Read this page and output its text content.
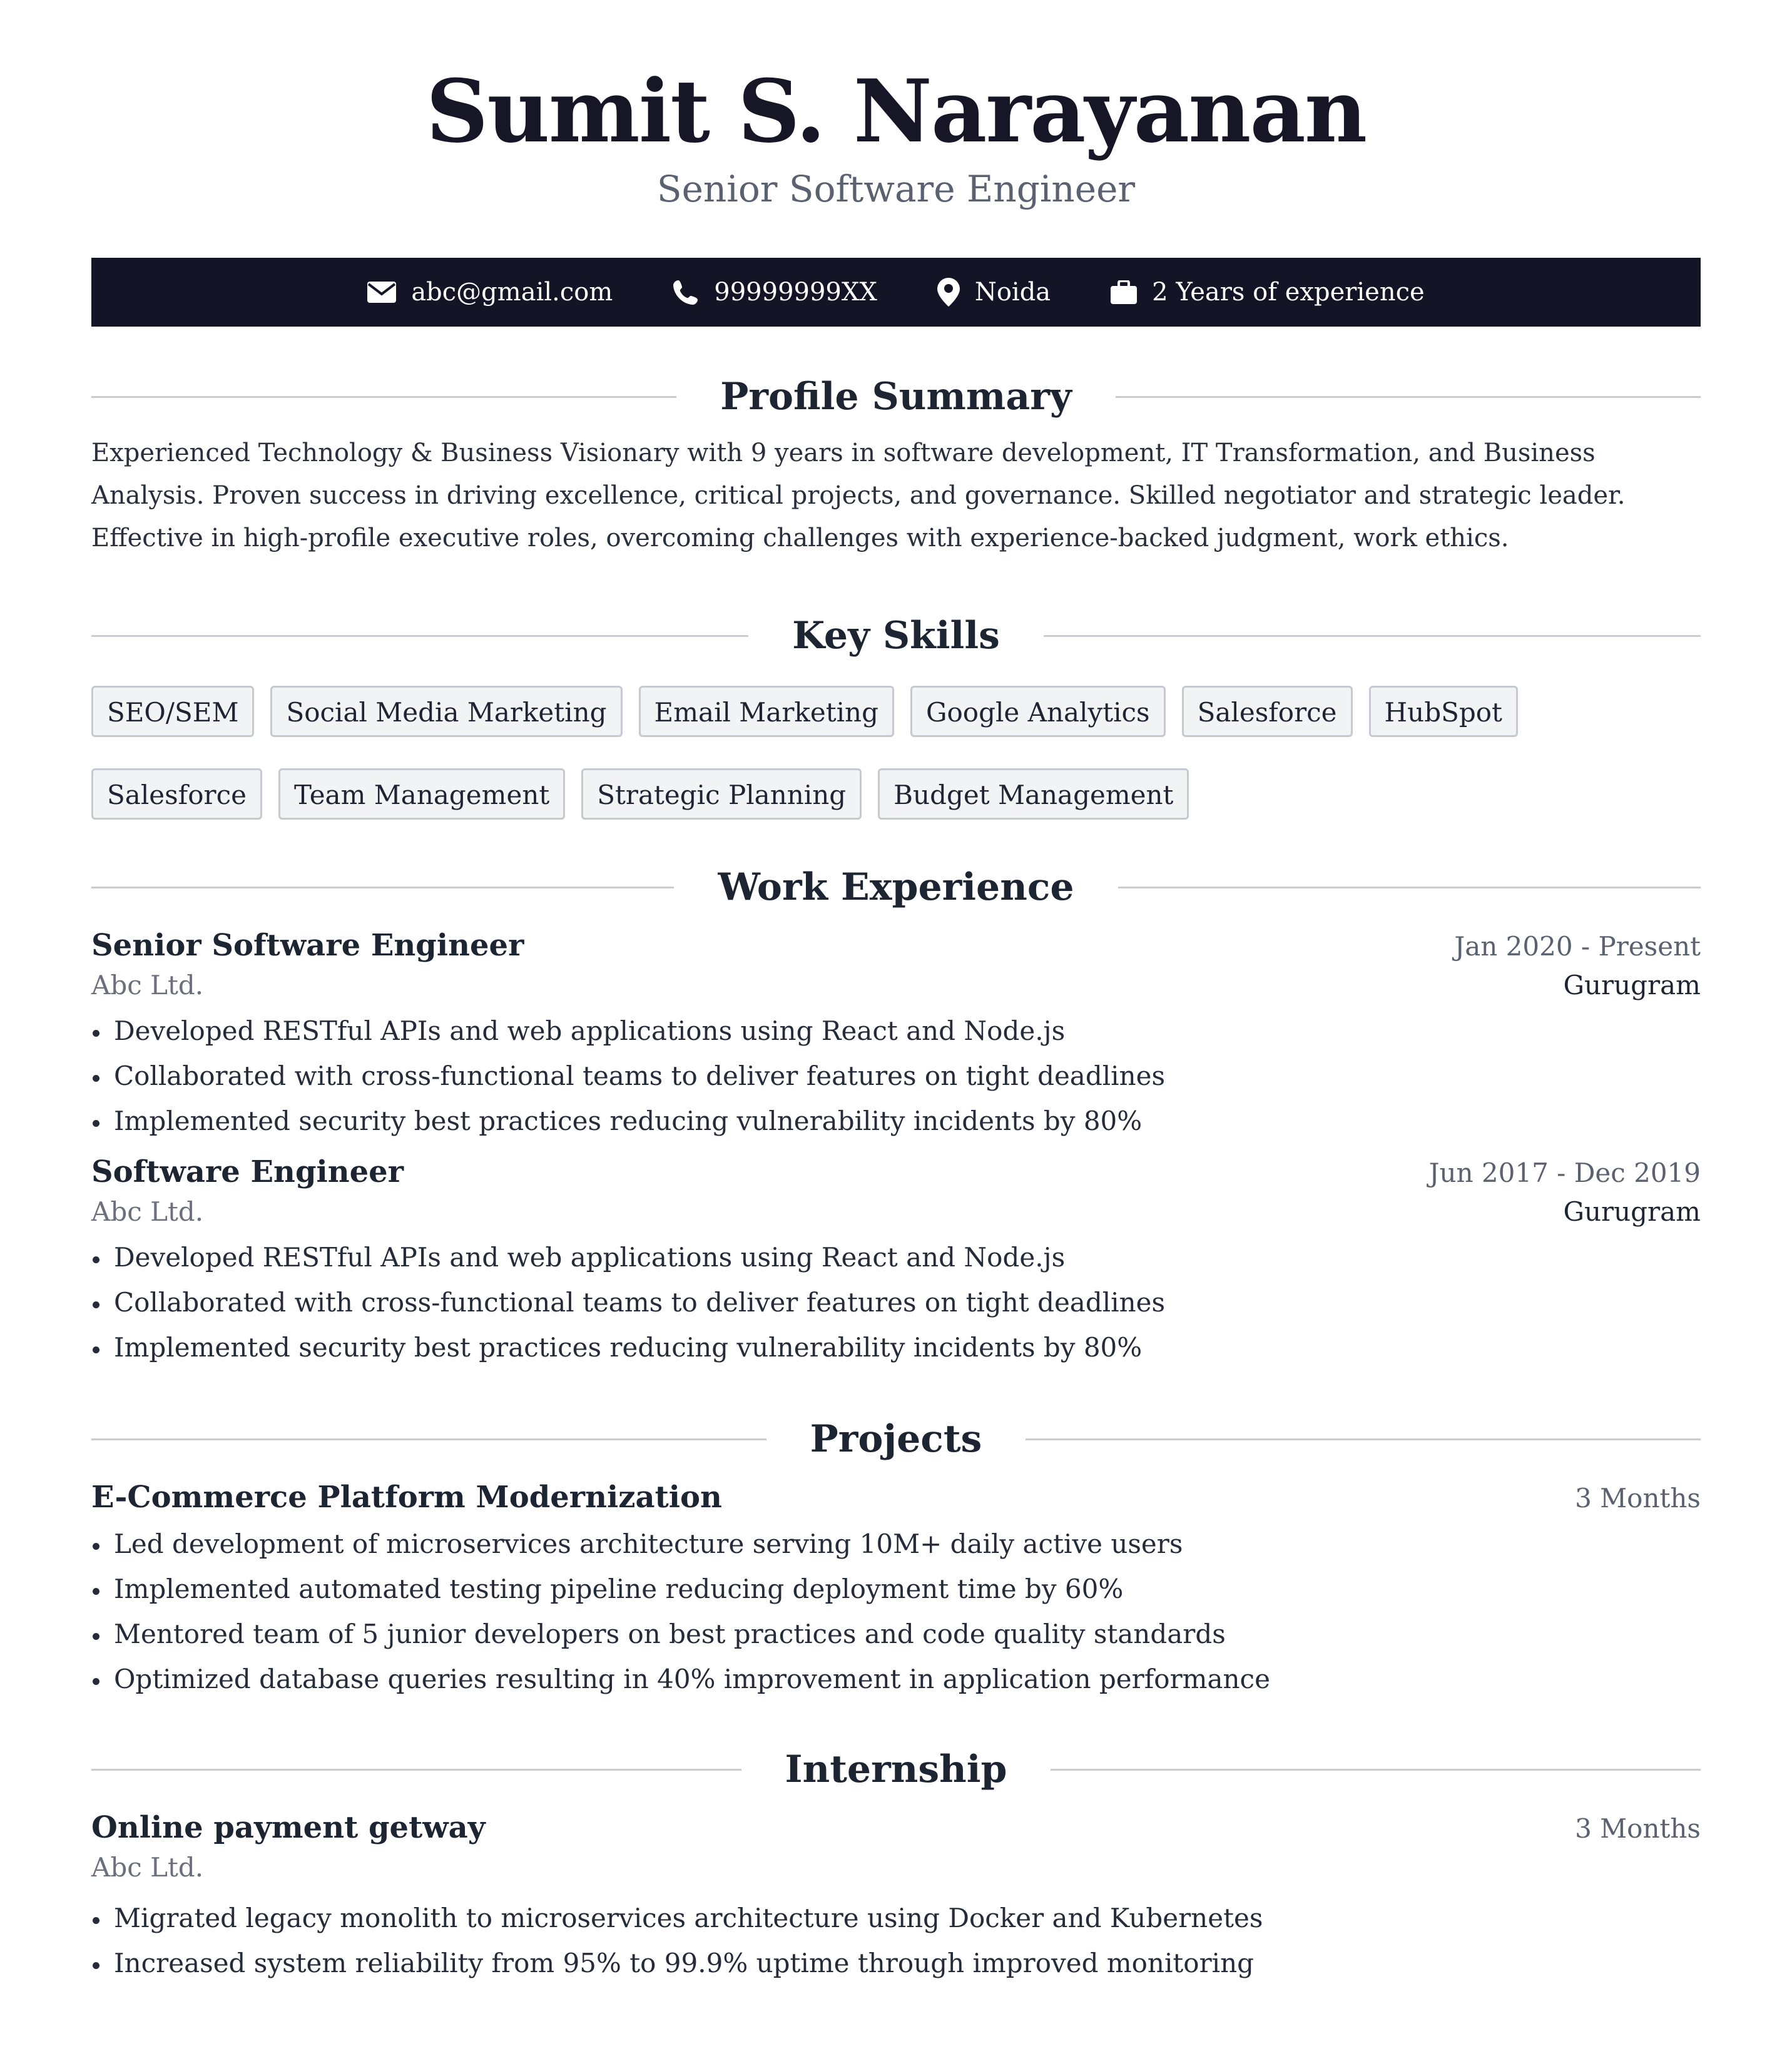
Sumit S. Narayanan
Senior Software Engineer
abc@gmail.com	99999999XX	Noida	2 Years of experience
Profile Summary
Experienced Technology & Business Visionary with 9 years in software development, IT Transformation, and Business Analysis. Proven success in driving excellence, critical projects, and governance. Skilled negotiator and strategic leader. Effective in high-profile executive roles, overcoming challenges with experience-backed judgment, work ethics.
Key Skills
SEO/SEM	Social Media Marketing	Email Marketing	Google Analytics	Salesforce	HubSpot
Salesforce	Team Management	Strategic Planning	Budget Management
Work Experience
Senior Software Engineer	Jan 2020 - Present
Abc Ltd.	Gurugram
Developed RESTful APIs and web applications using React and Node.js
Collaborated with cross-functional teams to deliver features on tight deadlines
Implemented security best practices reducing vulnerability incidents by 80%
Software Engineer	Jun 2017 - Dec 2019
Abc Ltd.	Gurugram
Developed RESTful APIs and web applications using React and Node.js
Collaborated with cross-functional teams to deliver features on tight deadlines
Implemented security best practices reducing vulnerability incidents by 80%
Projects
E-Commerce Platform Modernization	3 Months
Led development of microservices architecture serving 10M+ daily active users
Implemented automated testing pipeline reducing deployment time by 60%
Mentored team of 5 junior developers on best practices and code quality standards
Optimized database queries resulting in 40% improvement in application performance
Internship
Online payment getway	3 Months
Abc Ltd.
Migrated legacy monolith to microservices architecture using Docker and Kubernetes
Increased system reliability from 95% to 99.9% uptime through improved monitoring
